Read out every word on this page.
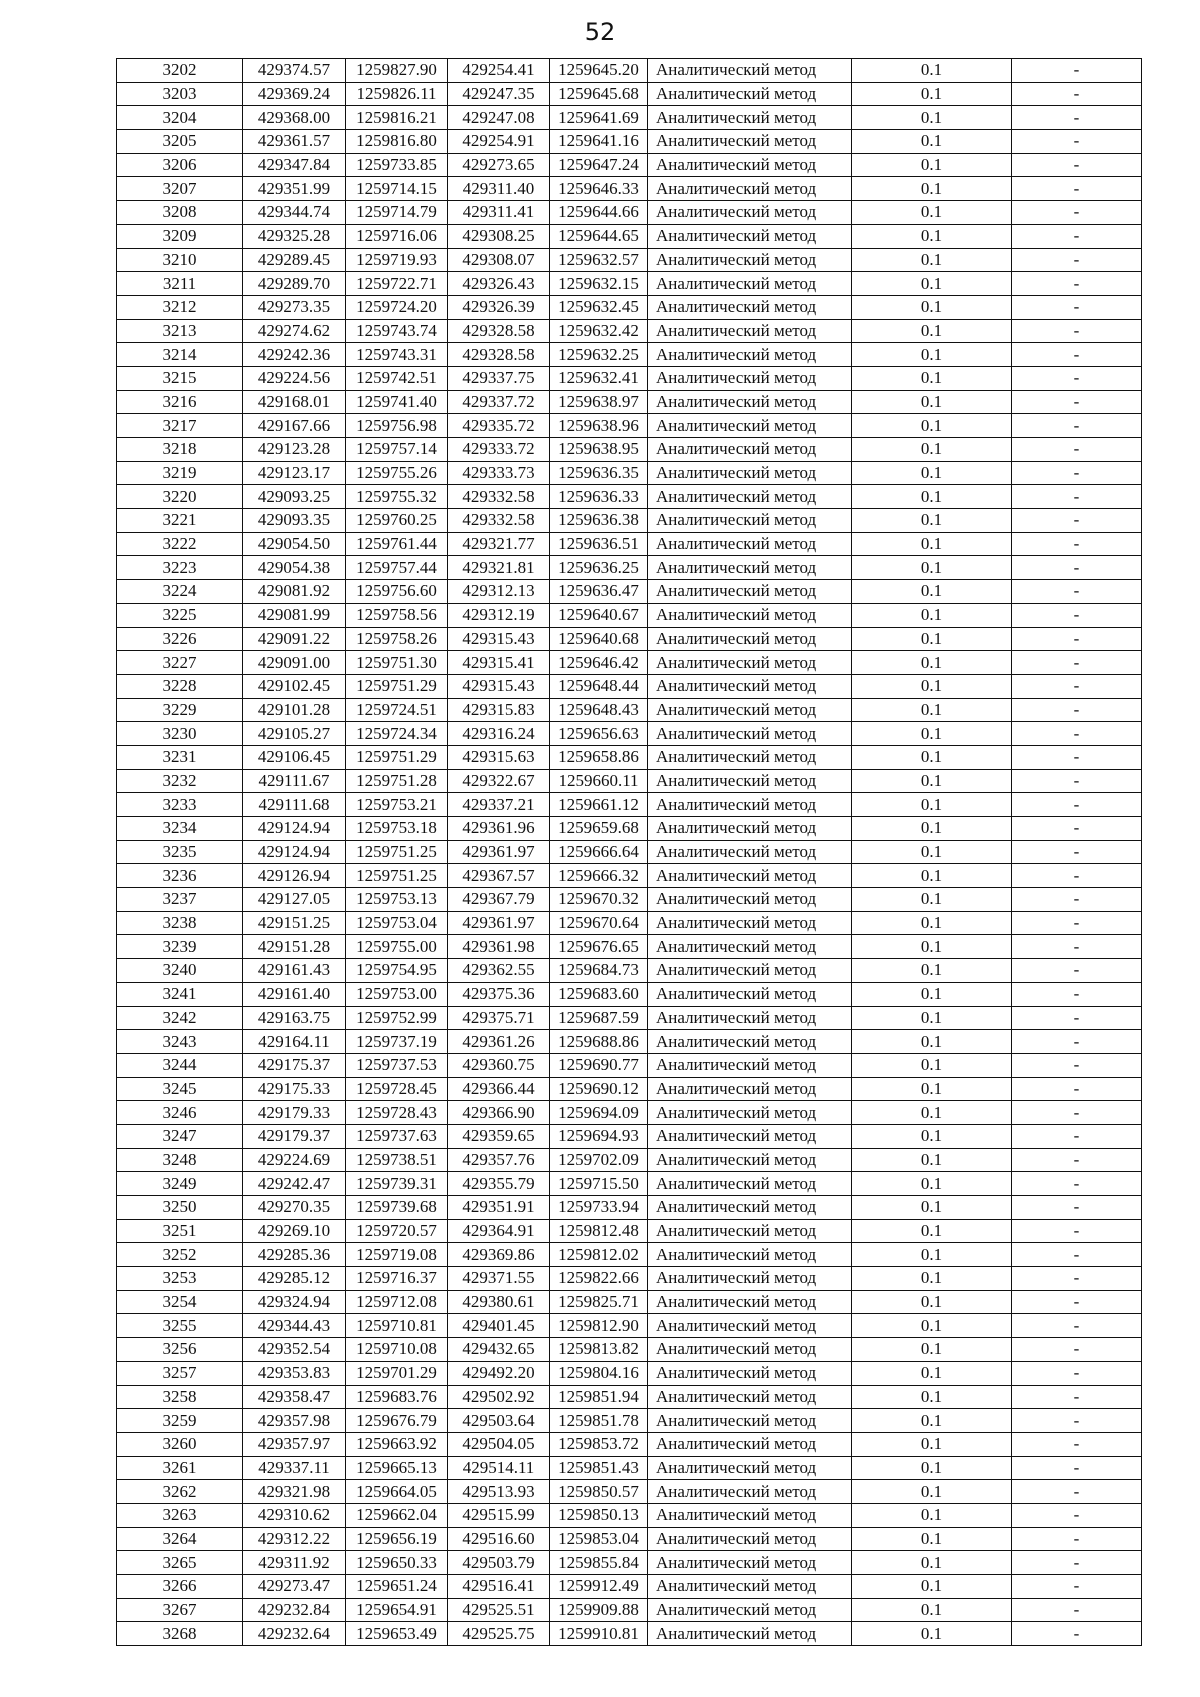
52
3202	429374.57	1259827.90	429254.41	1259645.20	Аналитический метод	0.1	-
3203	429369.24	1259826.11	429247.35	1259645.68	Аналитический метод	0.1	-
3204	429368.00	1259816.21	429247.08	1259641.69	Аналитический метод	0.1	-
3205	429361.57	1259816.80	429254.91	1259641.16	Аналитический метод	0.1	-
3206	429347.84	1259733.85	429273.65	1259647.24	Аналитический метод	0.1	-
3207	429351.99	1259714.15	429311.40	1259646.33	Аналитический метод	0.1	-
3208	429344.74	1259714.79	429311.41	1259644.66	Аналитический метод	0.1	-
3209	429325.28	1259716.06	429308.25	1259644.65	Аналитический метод	0.1	-
3210	429289.45	1259719.93	429308.07	1259632.57	Аналитический метод	0.1	-
3211	429289.70	1259722.71	429326.43	1259632.15	Аналитический метод	0.1	-
3212	429273.35	1259724.20	429326.39	1259632.45	Аналитический метод	0.1	-
3213	429274.62	1259743.74	429328.58	1259632.42	Аналитический метод	0.1	-
3214	429242.36	1259743.31	429328.58	1259632.25	Аналитический метод	0.1	-
3215	429224.56	1259742.51	429337.75	1259632.41	Аналитический метод	0.1	-
3216	429168.01	1259741.40	429337.72	1259638.97	Аналитический метод	0.1	-
3217	429167.66	1259756.98	429335.72	1259638.96	Аналитический метод	0.1	-
3218	429123.28	1259757.14	429333.72	1259638.95	Аналитический метод	0.1	-
3219	429123.17	1259755.26	429333.73	1259636.35	Аналитический метод	0.1	-
3220	429093.25	1259755.32	429332.58	1259636.33	Аналитический метод	0.1	-
3221	429093.35	1259760.25	429332.58	1259636.38	Аналитический метод	0.1	-
3222	429054.50	1259761.44	429321.77	1259636.51	Аналитический метод	0.1	-
3223	429054.38	1259757.44	429321.81	1259636.25	Аналитический метод	0.1	-
3224	429081.92	1259756.60	429312.13	1259636.47	Аналитический метод	0.1	-
3225	429081.99	1259758.56	429312.19	1259640.67	Аналитический метод	0.1	-
3226	429091.22	1259758.26	429315.43	1259640.68	Аналитический метод	0.1	-
3227	429091.00	1259751.30	429315.41	1259646.42	Аналитический метод	0.1	-
3228	429102.45	1259751.29	429315.43	1259648.44	Аналитический метод	0.1	-
3229	429101.28	1259724.51	429315.83	1259648.43	Аналитический метод	0.1	-
3230	429105.27	1259724.34	429316.24	1259656.63	Аналитический метод	0.1	-
3231	429106.45	1259751.29	429315.63	1259658.86	Аналитический метод	0.1	-
3232	429111.67	1259751.28	429322.67	1259660.11	Аналитический метод	0.1	-
3233	429111.68	1259753.21	429337.21	1259661.12	Аналитический метод	0.1	-
3234	429124.94	1259753.18	429361.96	1259659.68	Аналитический метод	0.1	-
3235	429124.94	1259751.25	429361.97	1259666.64	Аналитический метод	0.1	-
3236	429126.94	1259751.25	429367.57	1259666.32	Аналитический метод	0.1	-
3237	429127.05	1259753.13	429367.79	1259670.32	Аналитический метод	0.1	-
3238	429151.25	1259753.04	429361.97	1259670.64	Аналитический метод	0.1	-
3239	429151.28	1259755.00	429361.98	1259676.65	Аналитический метод	0.1	-
3240	429161.43	1259754.95	429362.55	1259684.73	Аналитический метод	0.1	-
3241	429161.40	1259753.00	429375.36	1259683.60	Аналитический метод	0.1	-
3242	429163.75	1259752.99	429375.71	1259687.59	Аналитический метод	0.1	-
3243	429164.11	1259737.19	429361.26	1259688.86	Аналитический метод	0.1	-
3244	429175.37	1259737.53	429360.75	1259690.77	Аналитический метод	0.1	-
3245	429175.33	1259728.45	429366.44	1259690.12	Аналитический метод	0.1	-
3246	429179.33	1259728.43	429366.90	1259694.09	Аналитический метод	0.1	-
3247	429179.37	1259737.63	429359.65	1259694.93	Аналитический метод	0.1	-
3248	429224.69	1259738.51	429357.76	1259702.09	Аналитический метод	0.1	-
3249	429242.47	1259739.31	429355.79	1259715.50	Аналитический метод	0.1	-
3250	429270.35	1259739.68	429351.91	1259733.94	Аналитический метод	0.1	-
3251	429269.10	1259720.57	429364.91	1259812.48	Аналитический метод	0.1	-
3252	429285.36	1259719.08	429369.86	1259812.02	Аналитический метод	0.1	-
3253	429285.12	1259716.37	429371.55	1259822.66	Аналитический метод	0.1	-
3254	429324.94	1259712.08	429380.61	1259825.71	Аналитический метод	0.1	-
3255	429344.43	1259710.81	429401.45	1259812.90	Аналитический метод	0.1	-
3256	429352.54	1259710.08	429432.65	1259813.82	Аналитический метод	0.1	-
3257	429353.83	1259701.29	429492.20	1259804.16	Аналитический метод	0.1	-
3258	429358.47	1259683.76	429502.92	1259851.94	Аналитический метод	0.1	-
3259	429357.98	1259676.79	429503.64	1259851.78	Аналитический метод	0.1	-
3260	429357.97	1259663.92	429504.05	1259853.72	Аналитический метод	0.1	-
3261	429337.11	1259665.13	429514.11	1259851.43	Аналитический метод	0.1	-
3262	429321.98	1259664.05	429513.93	1259850.57	Аналитический метод	0.1	-
3263	429310.62	1259662.04	429515.99	1259850.13	Аналитический метод	0.1	-
3264	429312.22	1259656.19	429516.60	1259853.04	Аналитический метод	0.1	-
3265	429311.92	1259650.33	429503.79	1259855.84	Аналитический метод	0.1	-
3266	429273.47	1259651.24	429516.41	1259912.49	Аналитический метод	0.1	-
3267	429232.84	1259654.91	429525.51	1259909.88	Аналитический метод	0.1	-
3268	429232.64	1259653.49	429525.75	1259910.81	Аналитический метод	0.1	-
